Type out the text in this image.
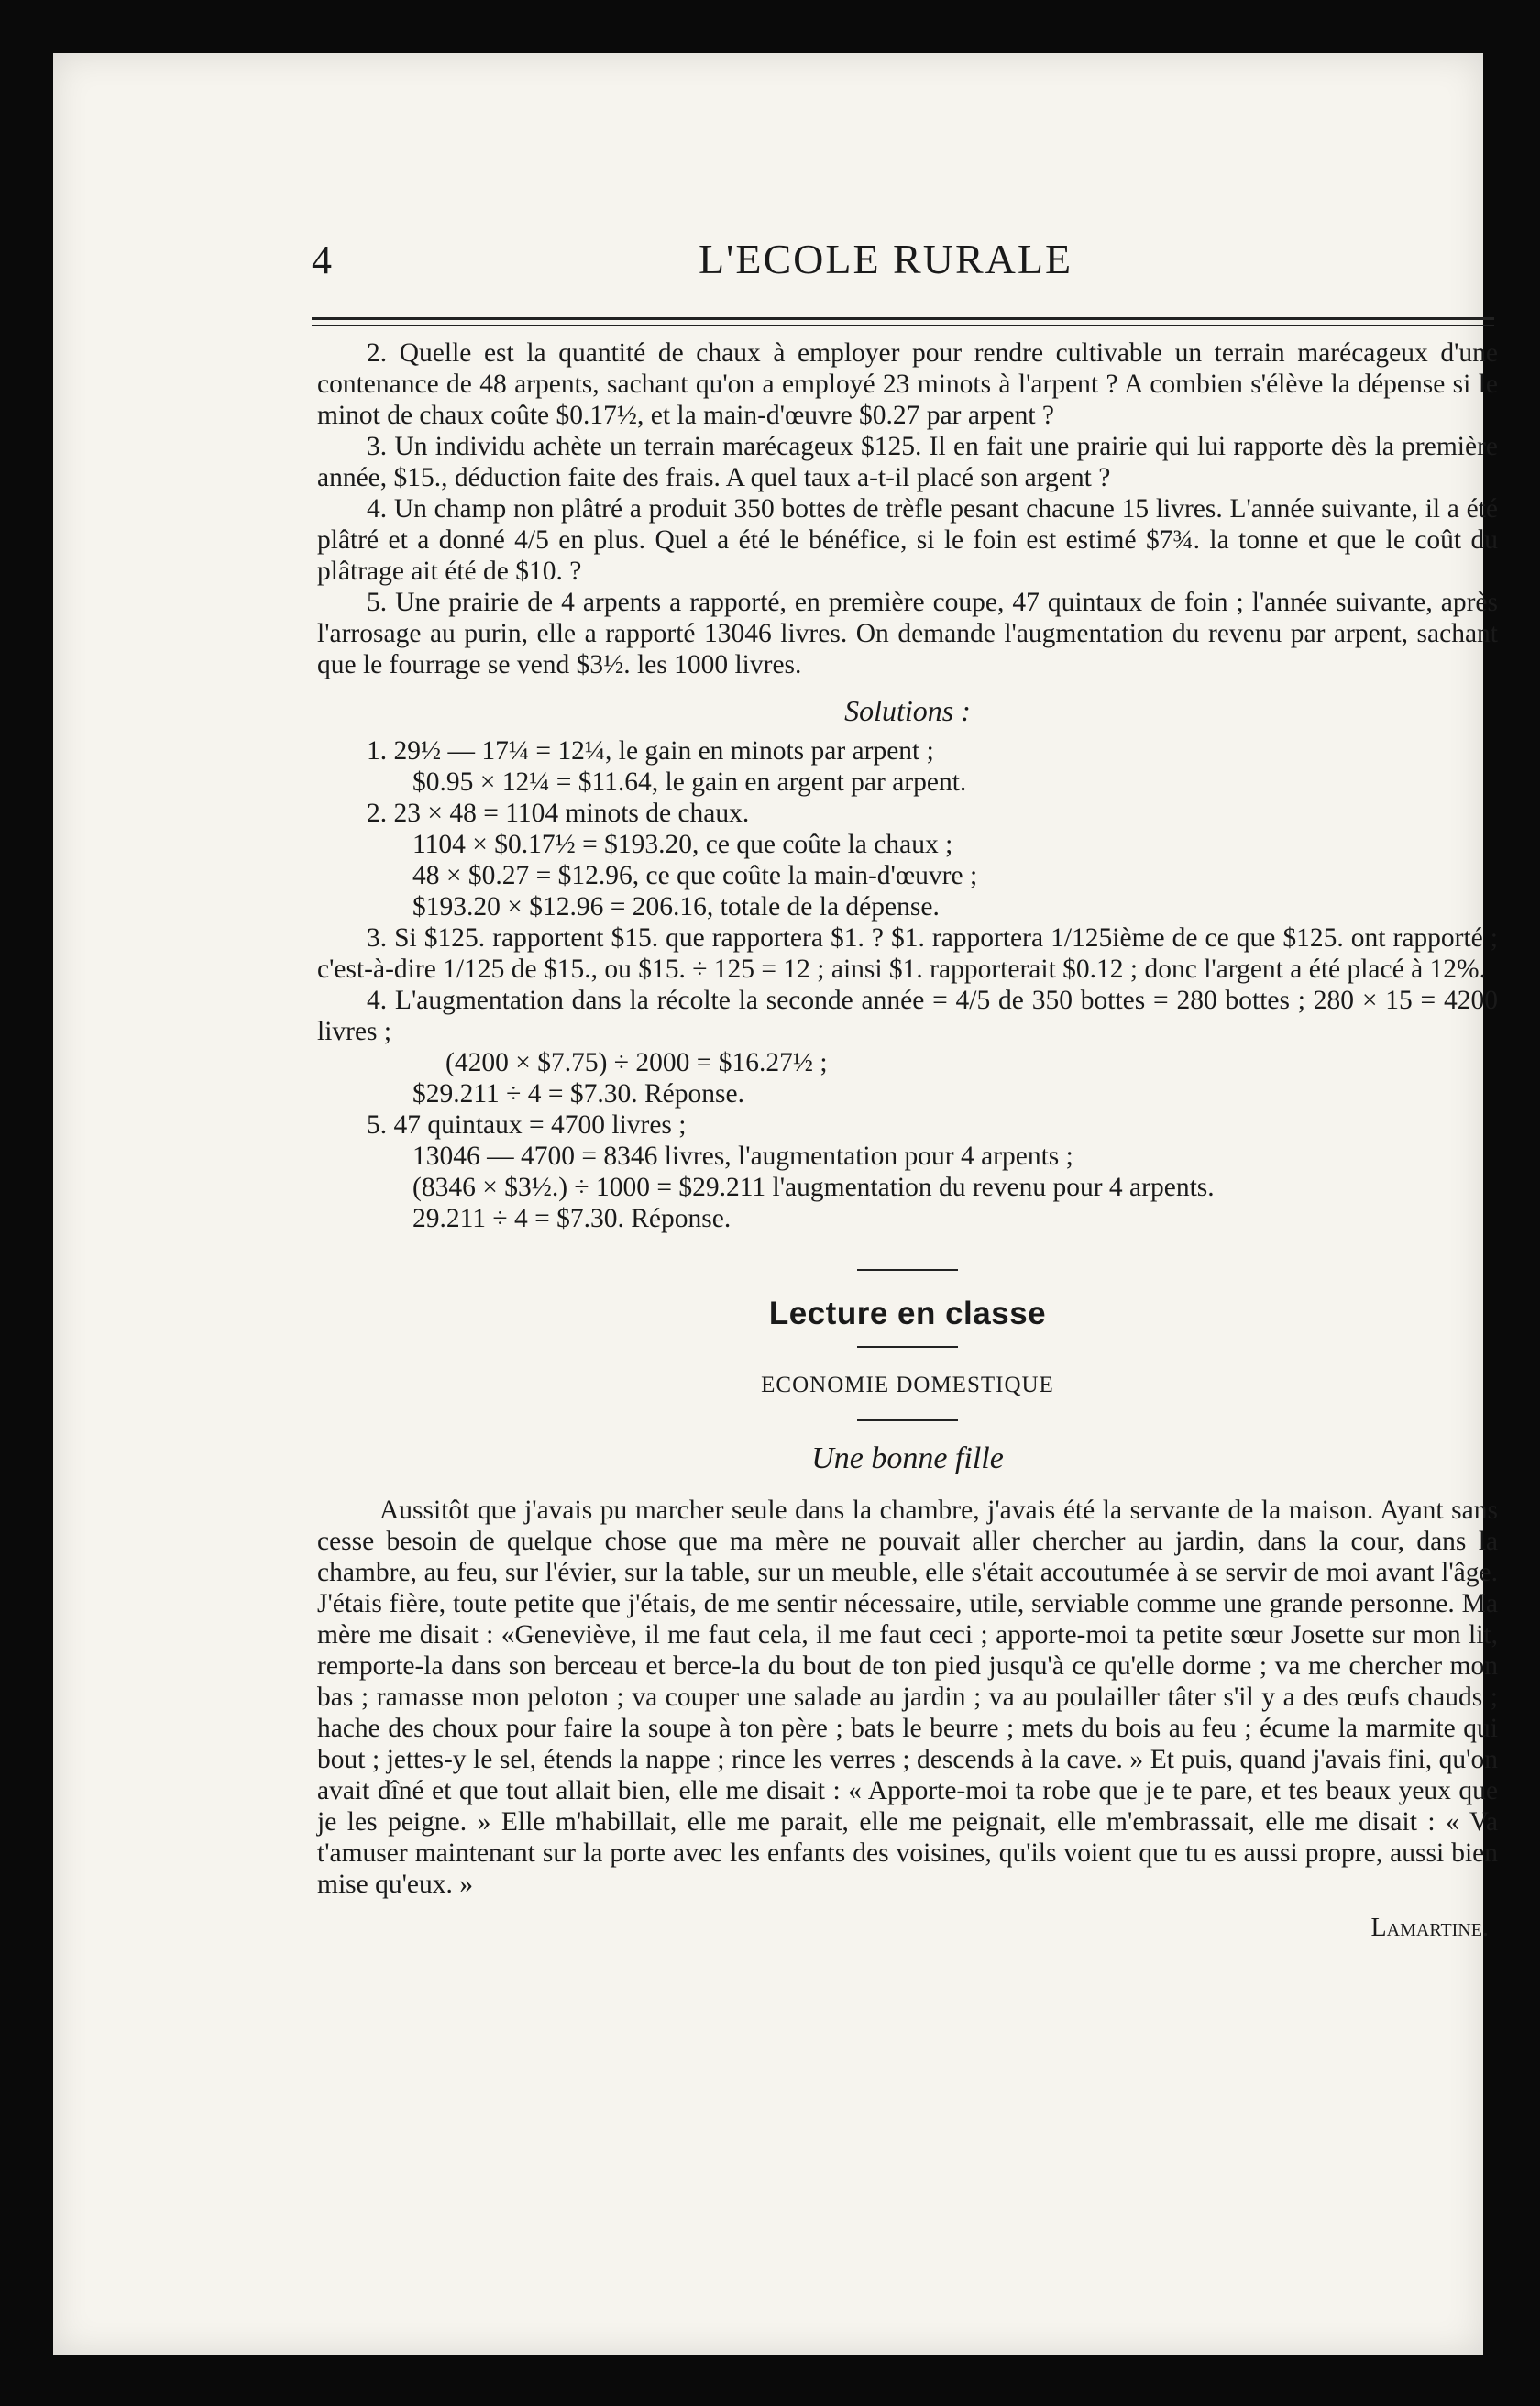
4	L'ECOLE RURALE

2. Quelle est la quantité de chaux à employer pour rendre cultivable un terrain marécageux d'une contenance de 48 arpents, sachant qu'on a employé 23 minots à l'arpent ? A combien s'élève la dépense si le minot de chaux coûte $0.17½, et la main-d'œuvre $0.27 par arpent ?

3. Un individu achète un terrain marécageux $125. Il en fait une prairie qui lui rapporte dès la première année, $15., déduction faite des frais. A quel taux a-t-il placé son argent ?

4. Un champ non plâtré a produit 350 bottes de trèfle pesant chacune 15 livres. L'année suivante, il a été plâtré et a donné 4/5 en plus. Quel a été le bénéfice, si le foin est estimé $7¾. la tonne et que le coût du plâtrage ait été de $10. ?

5. Une prairie de 4 arpents a rapporté, en première coupe, 47 quintaux de foin ; l'année suivante, après l'arrosage au purin, elle a rapporté 13046 livres. On demande l'augmentation du revenu par arpent, sachant que le fourrage se vend $3½. les 1000 livres.

Solutions :

1. 29½ — 17¼ = 12¼, le gain en minots par arpent ;

$0.95 × 12¼ = $11.64, le gain en argent par arpent.

2. 23 × 48 = 1104 minots de chaux.

1104 × $0.17½ = $193.20, ce que coûte la chaux ;

48 × $0.27 = $12.96, ce que coûte la main-d'œuvre ;

$193.20 × $12.96 = 206.16, totale de la dépense.

3. Si $125. rapportent $15. que rapportera $1. ? $1. rapportera 1/125ième de ce que $125. ont rapporté ; c'est-à-dire 1/125 de $15., ou $15. ÷ 125 = 12 ; ainsi $1. rapporterait $0.12 ; donc l'argent a été placé à 12%.

4. L'augmentation dans la récolte la seconde année = 4/5 de 350 bottes = 280 bottes ; 280 × 15 = 4200 livres ;

(4200 × $7.75) ÷ 2000 = $16.27½ ;

$29.211 ÷ 4 = $7.30. Réponse.

5. 47 quintaux = 4700 livres ;

13046 — 4700 = 8346 livres, l'augmentation pour 4 arpents ;

(8346 × $3½.) ÷ 1000 = $29.211 l'augmentation du revenu pour 4 arpents.

29.211 ÷ 4 = $7.30. Réponse.

Lecture en classe

ECONOMIE DOMESTIQUE

Une bonne fille

Aussitôt que j'avais pu marcher seule dans la chambre, j'avais été la servante de la maison. Ayant sans cesse besoin de quelque chose que ma mère ne pouvait aller chercher au jardin, dans la cour, dans la chambre, au feu, sur l'évier, sur la table, sur un meuble, elle s'était accoutumée à se servir de moi avant l'âge. J'étais fière, toute petite que j'étais, de me sentir nécessaire, utile, serviable comme une grande personne. Ma mère me disait : «Geneviève, il me faut cela, il me faut ceci ; apporte-moi ta petite sœur Josette sur mon lit, remporte-la dans son berceau et berce-la du bout de ton pied jusqu'à ce qu'elle dorme ; va me chercher mon bas ; ramasse mon peloton ; va couper une salade au jardin ; va au poulailler tâter s'il y a des œufs chauds ; hache des choux pour faire la soupe à ton père ; bats le beurre ; mets du bois au feu ; écume la marmite qui bout ; jettes-y le sel, étends la nappe ; rince les verres ; descends à la cave. » Et puis, quand j'avais fini, qu'on avait dîné et que tout allait bien, elle me disait : « Apporte-moi ta robe que je te pare, et tes beaux yeux que je les peigne. » Elle m'habillait, elle me parait, elle me peignait, elle m'embrassait, elle me disait : « Va t'amuser maintenant sur la porte avec les enfants des voisines, qu'ils voient que tu es aussi propre, aussi bien mise qu'eux. »

Lamartine.
